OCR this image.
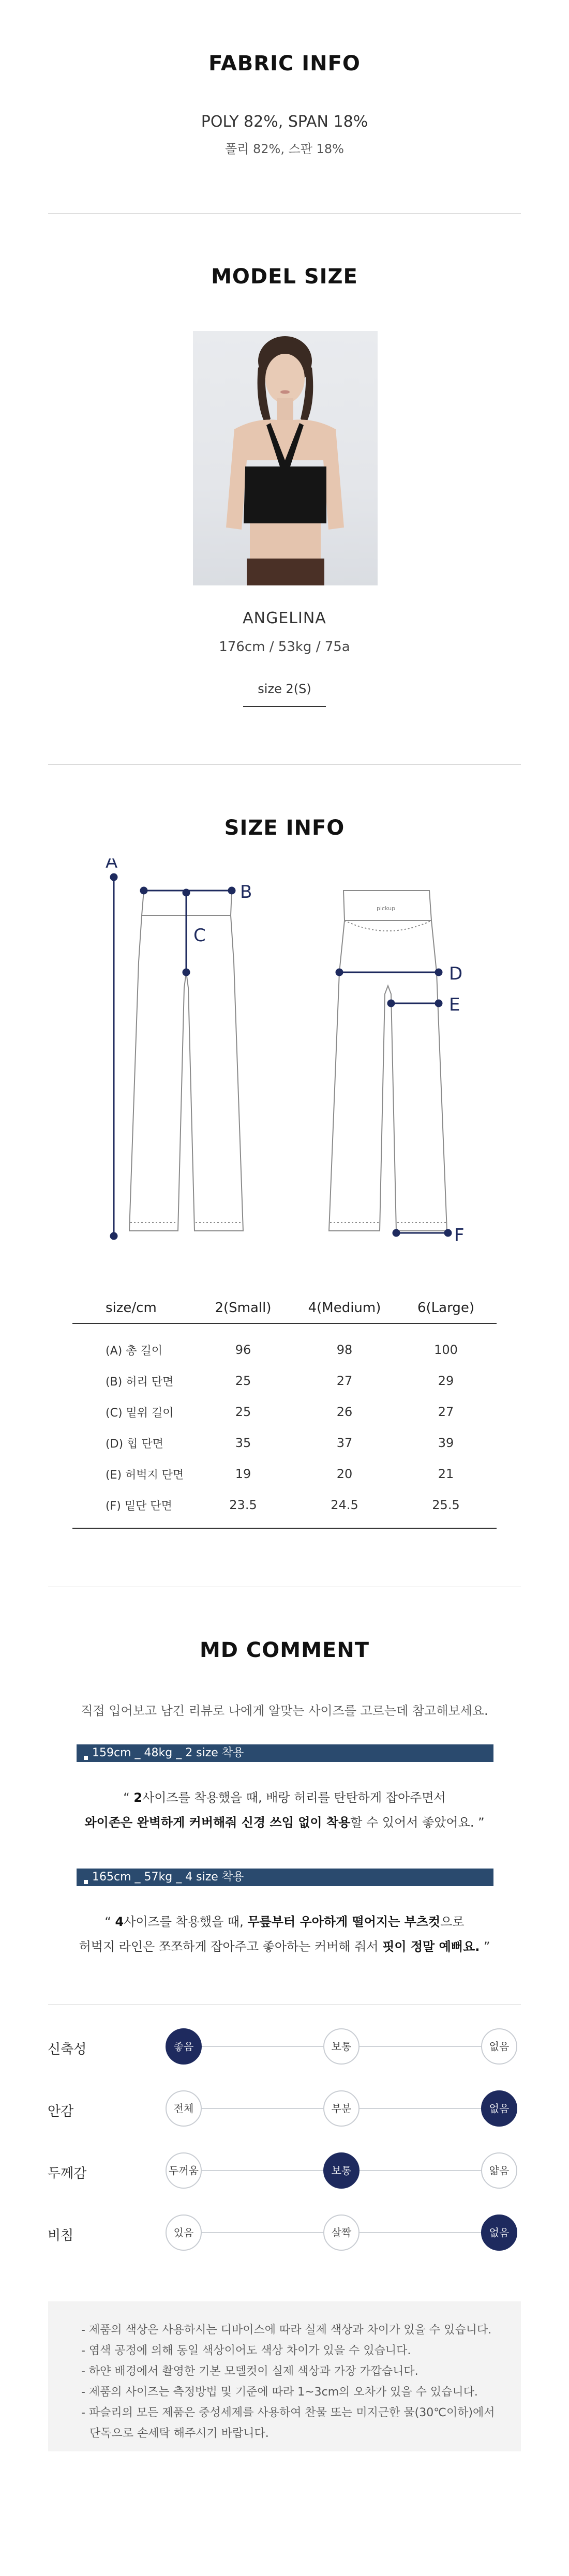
FABRIC INFO
POLY 82%, SPAN 18%
폴리 82%, 스판 18%
MODEL SIZE
ANGELINA
176cm / 53kg / 75a
size 2(S)
SIZE INFO
A
B
C
pickup
D
E
F
size/cm	2(Small)	4(Medium)	6(Large)
(A) 총 길이	96	98	100
(B) 허리 단면	25	27	29
(C) 밑위 길이	25	26	27
(D) 힙 단면	35	37	39
(E) 허벅지 단면	19	20	21
(F) 밑단 단면	23.5	24.5	25.5
MD COMMENT
직접 입어보고 남긴 리뷰로 나에게 알맞는 사이즈를 고르는데 참고해보세요.
159cm _ 48kg _ 2 size 착용
“ 2사이즈를 착용했을 때, 배랑 허리를 탄탄하게 잡아주면서
와이존은 완벽하게 커버해줘 신경 쓰임 없이 착용할 수 있어서 좋았어요. ”
165cm _ 57kg _ 4 size 착용
“ 4사이즈를 착용했을 때, 무릎부터 우아하게 떨어지는 부츠컷으로
허벅지 라인은 쪼쪼하게 잡아주고 좋아하는 커버해 줘서 핏이 정말 예뻐요. ”
신축성	좋음	보통	없음
안감	전체	부분	없음
두께감	두꺼움	보통	얇음
비침	있음	살짝	없음
- 제품의 색상은 사용하시는 디바이스에 따라 실제 색상과 차이가 있을 수 있습니다.
- 염색 공정에 의해 동일 색상이어도 색상 차이가 있을 수 있습니다.
- 하얀 배경에서 촬영한 기본 모델컷이 실제 색상과 가장 가깝습니다.
- 제품의 사이즈는 측정방법 및 기준에 따라 1~3cm의 오차가 있을 수 있습니다.
- 파슬리의 모든 제품은 중성세제를 사용하여 찬물 또는 미지근한 물(30℃이하)에서
단독으로 손세탁 해주시기 바랍니다.
